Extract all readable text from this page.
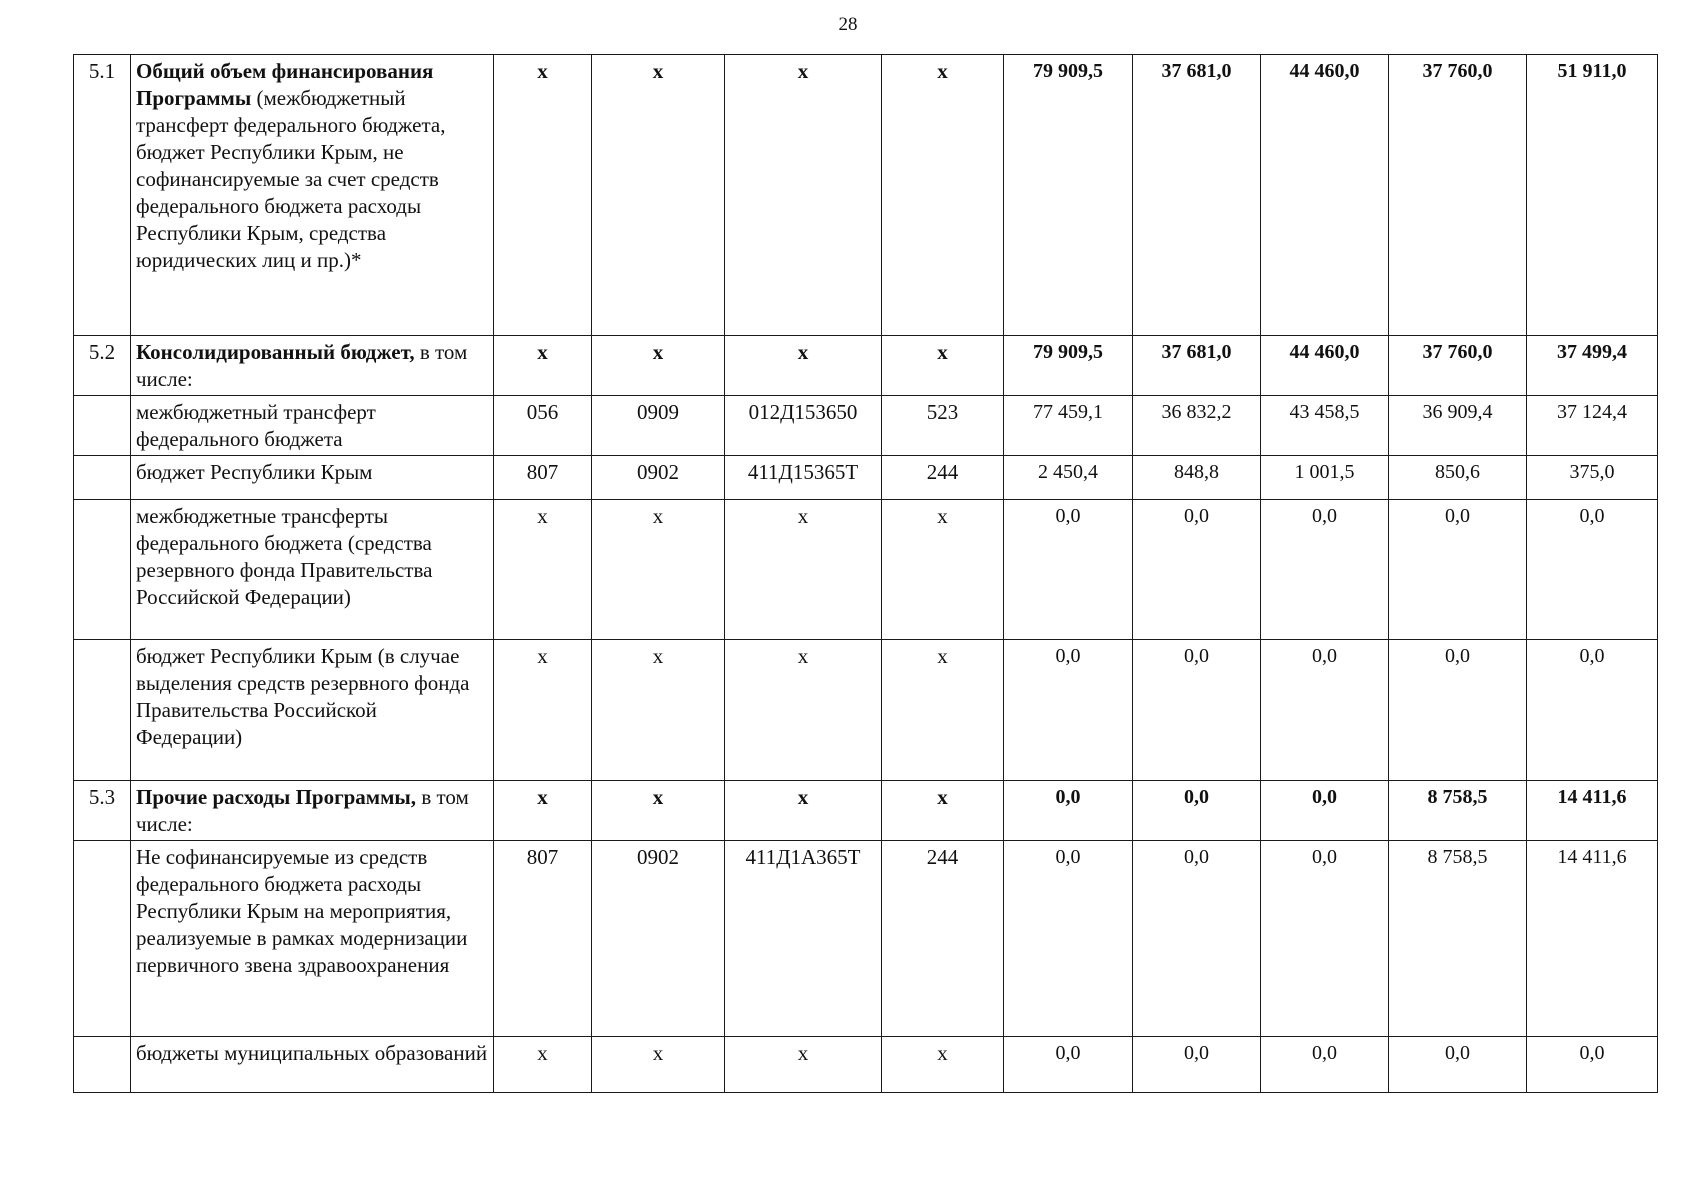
28
5.1	Общий объем финансирования Программы (межбюджетный трансферт федерального бюджета, бюджет Республики Крым, не софинансируемые за счет средств федерального бюджета расходы Республики Крым, средства юридических лиц и пр.)*	х	х	х	х	79 909,5	37 681,0	44 460,0	37 760,0	51 911,0
5.2	Консолидированный бюджет, в том числе:	х	х	х	х	79 909,5	37 681,0	44 460,0	37 760,0	37 499,4
	межбюджетный трансферт федерального бюджета	056	0909	012Д153650	523	77 459,1	36 832,2	43 458,5	36 909,4	37 124,4
	бюджет Республики Крым	807	0902	411Д15365Т	244	2 450,4	848,8	1 001,5	850,6	375,0
	межбюджетные трансферты федерального бюджета (средства резервного фонда Правительства Российской Федерации)	х	х	х	х	0,0	0,0	0,0	0,0	0,0
	бюджет Республики Крым (в случае выделения средств резервного фонда Правительства Российской Федерации)	х	х	х	х	0,0	0,0	0,0	0,0	0,0
5.3	Прочие расходы Программы, в том числе:	х	х	х	х	0,0	0,0	0,0	8 758,5	14 411,6
	Не софинансируемые из средств федерального бюджета расходы Республики Крым на мероприятия, реализуемые в рамках модернизации первичного звена здравоохранения	807	0902	411Д1А365Т	244	0,0	0,0	0,0	8 758,5	14 411,6
	бюджеты муниципальных образований	х	х	х	х	0,0	0,0	0,0	0,0	0,0
